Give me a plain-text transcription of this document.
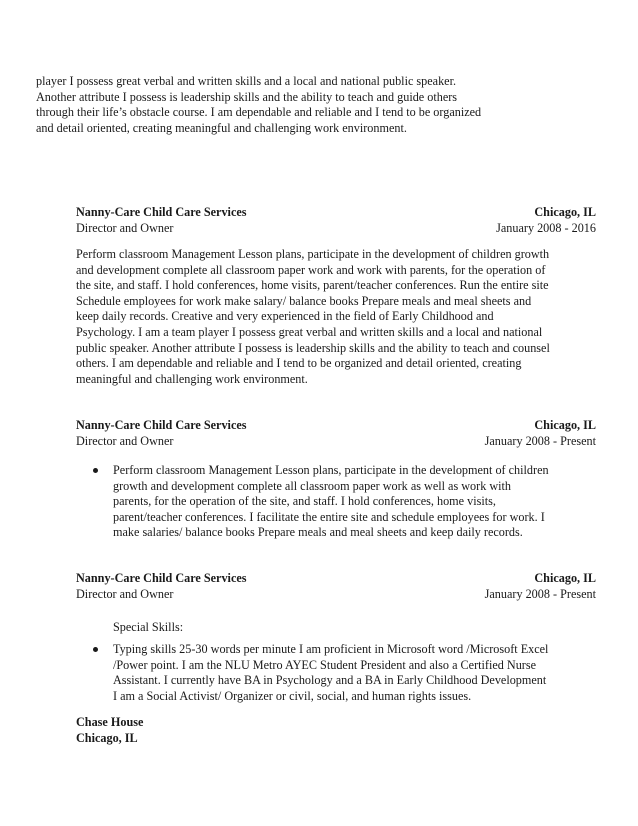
player I possess great verbal and written skills and a local and national public speaker.
Another attribute I possess is leadership skills and the ability to teach and guide others
through their life’s obstacle course. I am dependable and reliable and I tend to be organized
and detail oriented, creating meaningful and challenging work environment.
Nanny-Care Child Care Services	Chicago, IL
Director and Owner	January 2008 - 2016
Perform classroom Management Lesson plans, participate in the development of children growth
and development complete all classroom paper work and work with parents, for the operation of
the site, and staff. I hold conferences, home visits, parent/teacher conferences. Run the entire site
Schedule employees for work make salary/ balance books Prepare meals and meal sheets and
keep daily records. Creative and very experienced in the field of Early Childhood and
Psychology. I am a team player I possess great verbal and written skills and a local and national
public speaker. Another attribute I possess is leadership skills and the ability to teach and counsel
others. I am dependable and reliable and I tend to be organized and detail oriented, creating
meaningful and challenging work environment.
Nanny-Care Child Care Services	Chicago, IL
Director and Owner	January 2008 - Present
Perform classroom Management Lesson plans, participate in the development of children
growth and development complete all classroom paper work as well as work with
parents, for the operation of the site, and staff. I hold conferences, home visits,
parent/teacher conferences. I facilitate the entire site and schedule employees for work. I
make salaries/ balance books Prepare meals and meal sheets and keep daily records.
Nanny-Care Child Care Services	Chicago, IL
Director and Owner	January 2008 - Present
Special Skills:
Typing skills 25-30 words per minute I am proficient in Microsoft word /Microsoft Excel
/Power point. I am the NLU Metro AYEC Student President and also a Certified Nurse
Assistant. I currently have BA in Psychology and a BA in Early Childhood Development
I am a Social Activist/ Organizer or civil, social, and human rights issues.
Chase House
Chicago, IL
